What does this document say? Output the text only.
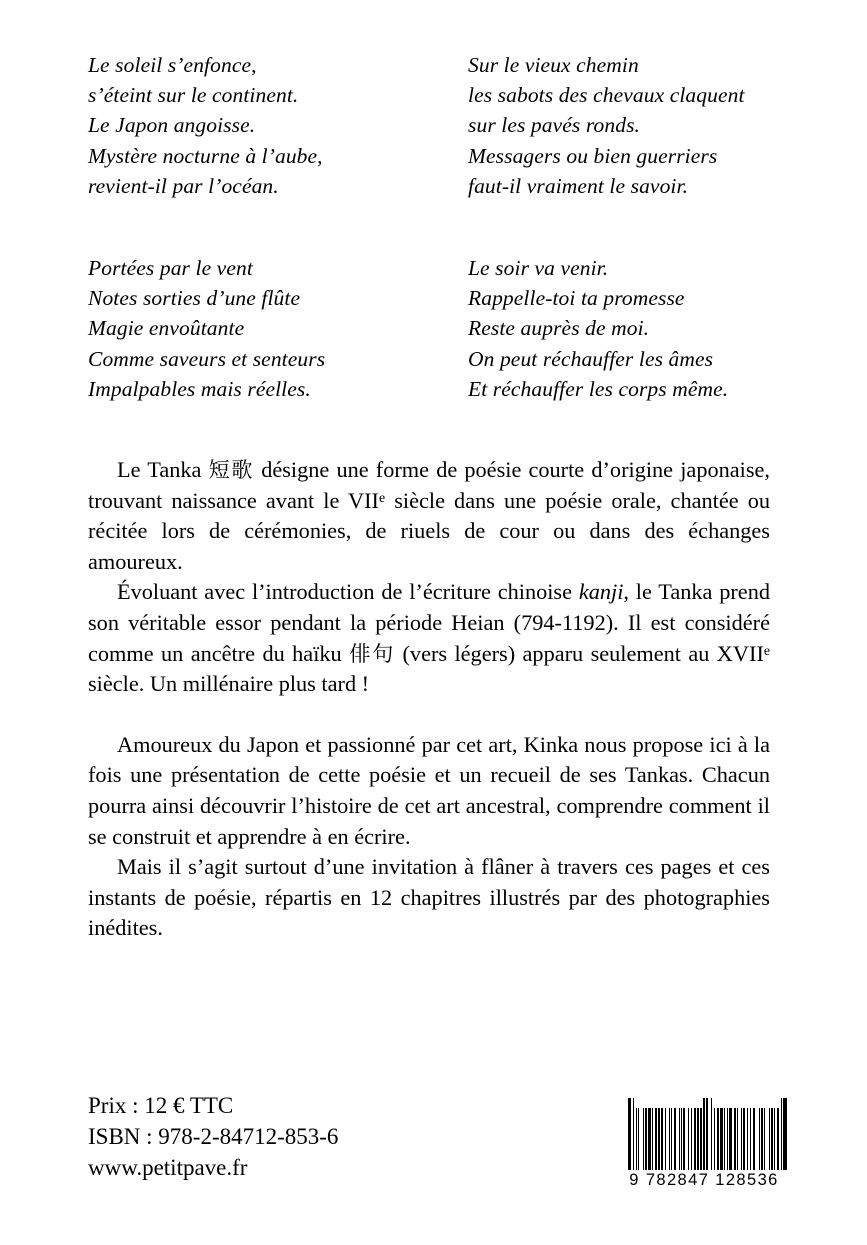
Le soleil s’enfonce,
s’éteint sur le continent.
Le Japon angoisse.
Mystère nocturne à l’aube,
revient-il par l’océan.
Portées par le vent
Notes sorties d’une flûte
Magie envoûtante
Comme saveurs et senteurs
Impalpables mais réelles.
Sur le vieux chemin
les sabots des chevaux claquent
sur les pavés ronds.
Messagers ou bien guerriers
faut-il vraiment le savoir.
Le soir va venir.
Rappelle-toi ta promesse
Reste auprès de moi.
On peut réchauffer les âmes
Et réchauffer les corps même.

Le Tanka 短歌 désigne une forme de poésie courte d’origine japonaise, trouvant naissance avant le VIIe siècle dans une poésie orale, chantée ou récitée lors de cérémonies, de riuels de cour ou dans des échanges amoureux.

Évoluant avec l’introduction de l’écriture chinoise kanji, le Tanka prend son véritable essor pendant la période Heian (794-1192). Il est considéré comme un ancêtre du haïku 俳句 (vers légers) apparu seulement au XVIIe siècle. Un millénaire plus tard !

Amoureux du Japon et passionné par cet art, Kinka nous propose ici à la fois une présentation de cette poésie et un recueil de ses Tankas. Chacun pourra ainsi découvrir l’histoire de cet art ancestral, comprendre comment il se construit et apprendre à en écrire.

Mais il s’agit surtout d’une invitation à flâner à travers ces pages et ces instants de poésie, répartis en 12 chapitres illustrés par des photographies inédites.

Prix : 12 € TTC
ISBN : 978-2-84712-853-6
www.petitpave.fr	9 782847 128536
